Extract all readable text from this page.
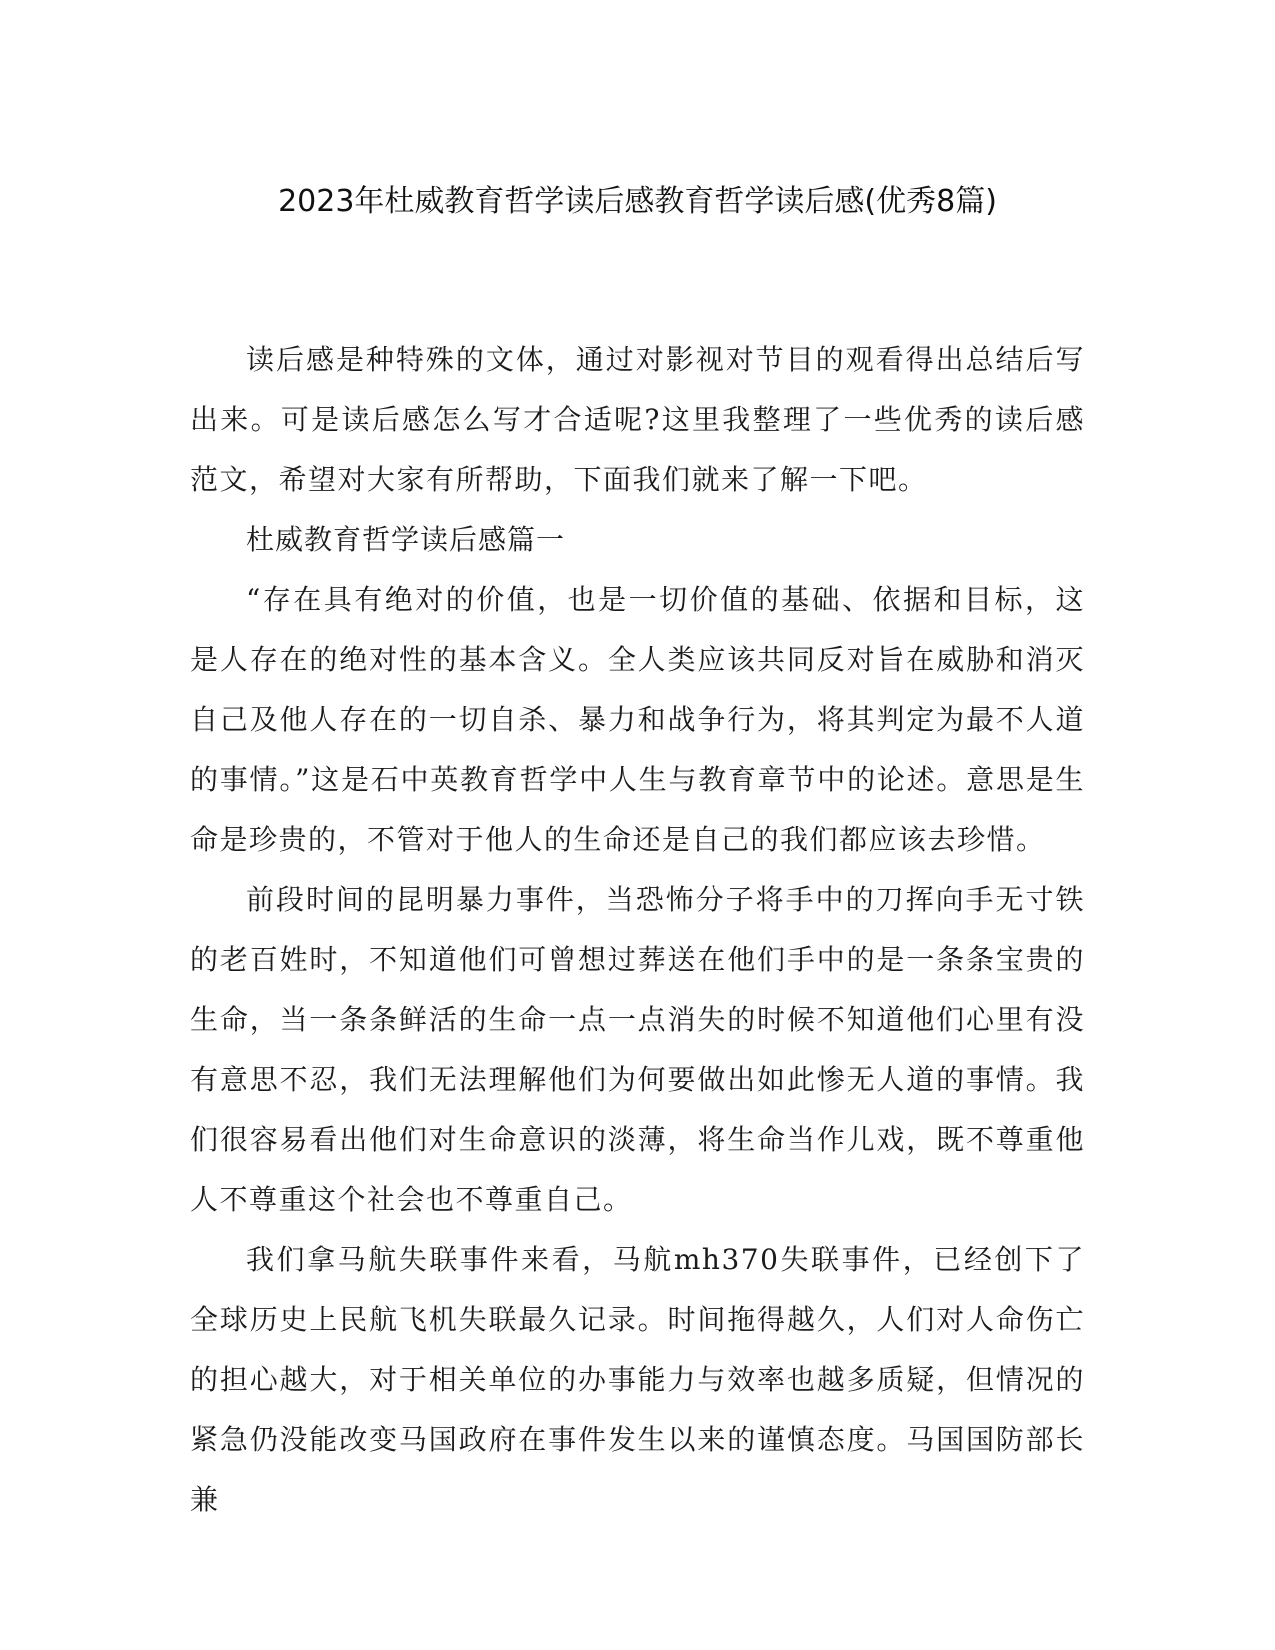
2023年杜威教育哲学读后感教育哲学读后感(优秀8篇)

读后感是种特殊的文体，通过对影视对节目的观看得出总结后写出来。可是读后感怎么写才合适呢?这里我整理了一些优秀的读后感范文，希望对大家有所帮助，下面我们就来了解一下吧。

杜威教育哲学读后感篇一

“存在具有绝对的价值，也是一切价值的基础、依据和目标，这是人存在的绝对性的基本含义。全人类应该共同反对旨在威胁和消灭自己及他人存在的一切自杀、暴力和战争行为，将其判定为最不人道的事情。”这是石中英教育哲学中人生与教育章节中的论述。意思是生命是珍贵的，不管对于他人的生命还是自己的我们都应该去珍惜。

前段时间的昆明暴力事件，当恐怖分子将手中的刀挥向手无寸铁的老百姓时，不知道他们可曾想过葬送在他们手中的是一条条宝贵的生命，当一条条鲜活的生命一点一点消失的时候不知道他们心里有没有意思不忍，我们无法理解他们为何要做出如此惨无人道的事情。我们很容易看出他们对生命意识的淡薄，将生命当作儿戏，既不尊重他人不尊重这个社会也不尊重自己。

我们拿马航失联事件来看，马航mh370失联事件，已经创下了全球历史上民航飞机失联最久记录。时间拖得越久，人们对人命伤亡的担心越大，对于相关单位的办事能力与效率也越多质疑，但情况的紧急仍没能改变马国政府在事件发生以来的谨慎态度。马国国防部长兼
